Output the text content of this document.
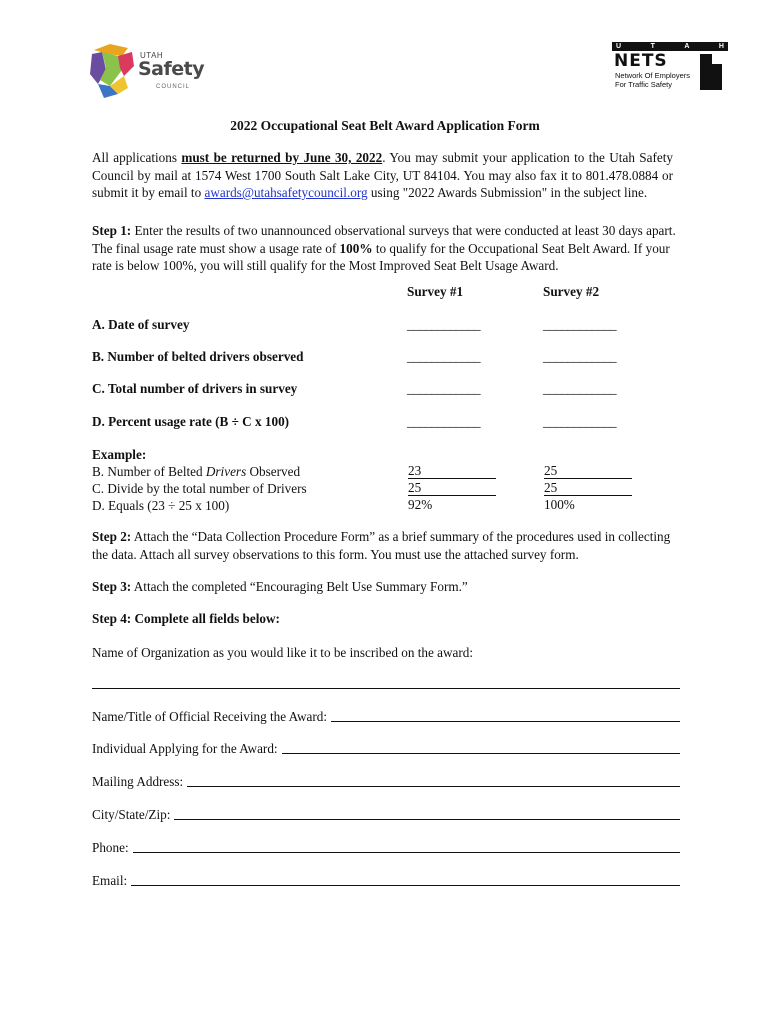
UTAH
Safety
COUNCIL
U	T	A	H
NETS
Network Of Employers
For Traffic Safety
2022 Occupational Seat Belt Award Application Form
All applications must be returned by June 30, 2022. You may submit your application to the Utah Safety Council by mail at 1574 West 1700 South Salt Lake City, UT 84104. You may also fax it to 801.478.0884 or submit it by email to awards@utahsafetycouncil.org using "2022 Awards Submission" in the subject line.
Step 1: Enter the results of two unannounced observational surveys that were conducted at least 30 days apart. The final usage rate must show a usage rate of 100% to qualify for the Occupational Seat Belt Award. If your rate is below 100%, you will still qualify for the Most Improved Seat Belt Usage Award.
Survey #1	Survey #2
A. Date of survey	____________	____________
B. Number of belted drivers observed	____________	____________
C. Total number of drivers in survey	____________	____________
D. Percent usage rate (B ÷ C x 100)	____________	____________
Example:
B. Number of Belted Drivers Observed	23	25
C. Divide by the total number of Drivers	25	25
D. Equals (23 ÷ 25 x 100)	92%	100%
Step 2: Attach the “Data Collection Procedure Form” as a brief summary of the procedures used in collecting the data. Attach all survey observations to this form. You must use the attached survey form.
Step 3: Attach the completed “Encouraging Belt Use Summary Form.”
Step 4: Complete all fields below:
Name of Organization as you would like it to be inscribed on the award:
Name/Title of Official Receiving the Award:
Individual Applying for the Award:
Mailing Address:
City/State/Zip:
Phone:
Email:
